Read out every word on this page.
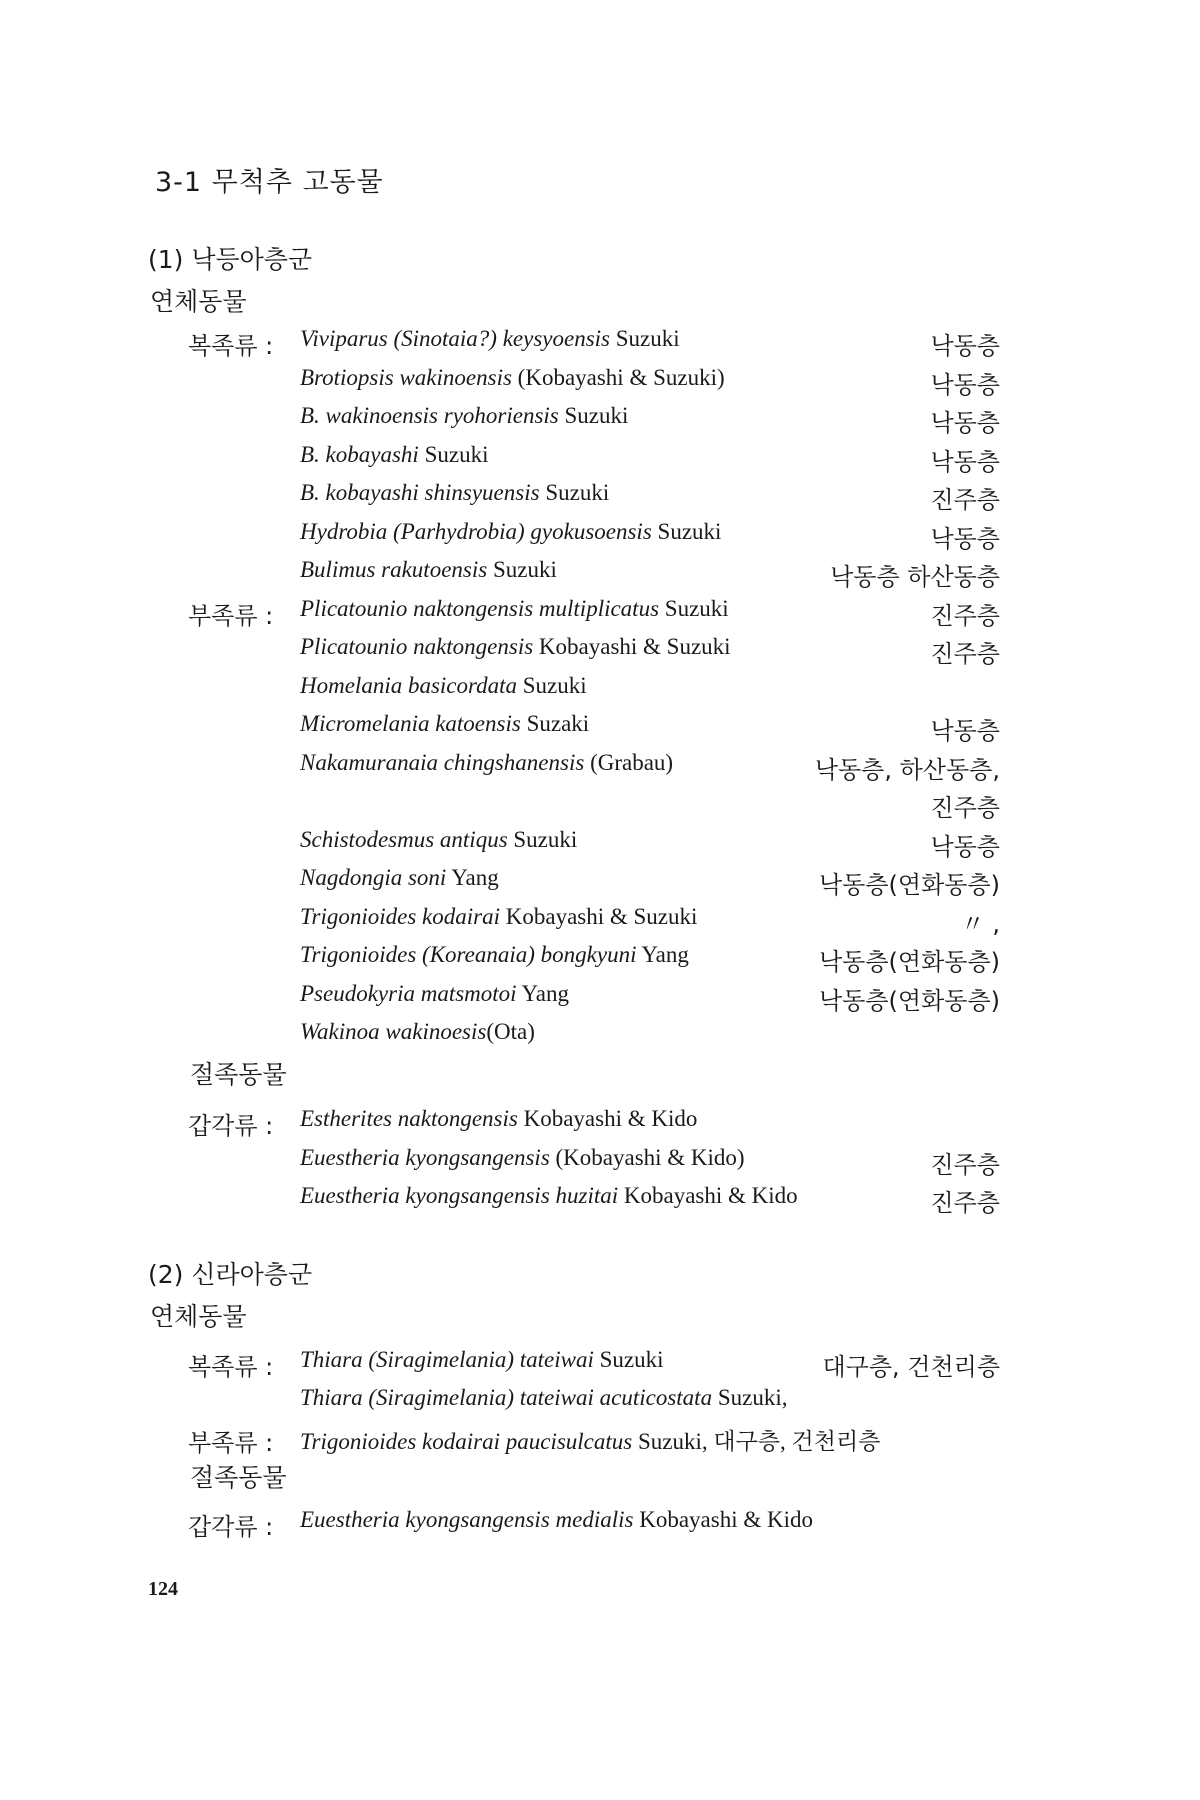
3-1 무척추 고동물
(1) 낙등아층군
연체동물
복족류 : Viviparus (Sinotaia?) keysyoensis Suzuki	낙동층
Brotiopsis wakinoensis (Kobayashi & Suzuki)	낙동층
B. wakinoensis ryohoriensis Suzuki	낙동층
B. kobayashi Suzuki	낙동층
B. kobayashi shinsyuensis Suzuki	진주층
Hydrobia (Parhydrobia) gyokusoensis Suzuki	낙동층
Bulimus rakutoensis Suzuki	낙동층 하산동층
부족류 : Plicatounio naktongensis multiplicatus Suzuki	진주층
Plicatounio naktongensis Kobayashi & Suzuki	진주층
Homelania basicordata Suzuki
Micromelania katoensis Suzaki	낙동층
Nakamuranaia chingshanensis (Grabau)	낙동층, 하산동층,
진주층
Schistodesmus antiqus Suzuki	낙동층
Nagdongia soni Yang	낙동층(연화동층)
Trigonioides kodairai Kobayashi & Suzuki	〃 ,
Trigonioides (Koreanaia) bongkyuni Yang	낙동층(연화동층)
Pseudokyria matsmotoi Yang	낙동층(연화동층)
Wakinoa wakinoesis(Ota)
절족동물
갑각류 : Estherites naktongensis Kobayashi & Kido
Euestheria kyongsangensis (Kobayashi & Kido)	진주층
Euestheria kyongsangensis huzitai Kobayashi & Kido	진주층
(2) 신라아층군
연체동물
복족류 : Thiara (Siragimelania) tateiwai Suzuki	대구층, 건천리층
Thiara (Siragimelania) tateiwai acuticostata Suzuki,
부족류 : Trigonioides kodairai paucisulcatus Suzuki, 대구층, 건천리층
절족동물
갑각류 : Euestheria kyongsangensis medialis Kobayashi & Kido
124
